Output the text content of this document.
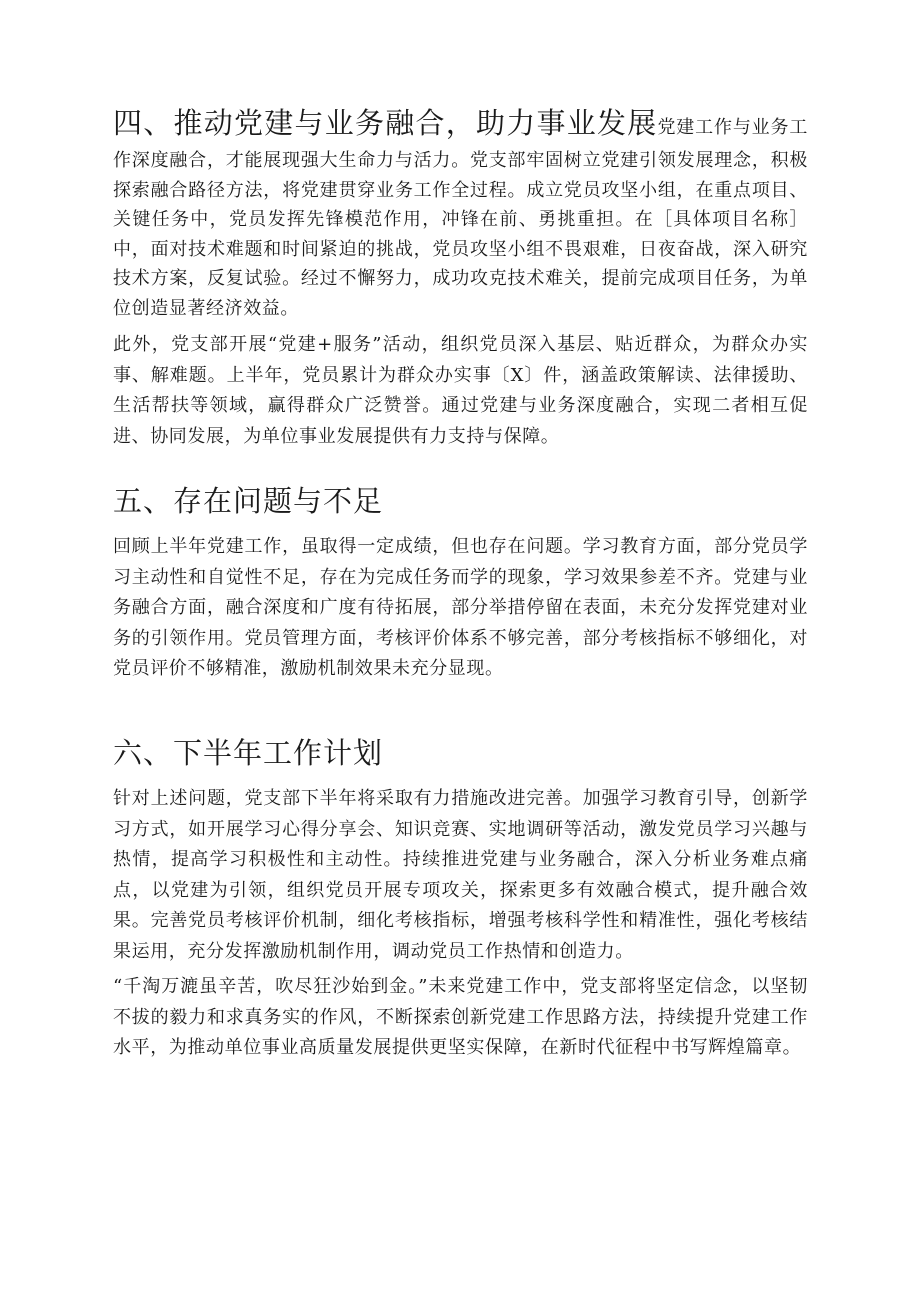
四、推动党建与业务融合，助力事业发展党建工作与业务工作深度融合，才能展现强大生命力与活力。党支部牢固树立党建引领发展理念，积极探索融合路径方法，将党建贯穿业务工作全过程。成立党员攻坚小组，在重点项目、关键任务中，党员发挥先锋模范作用，冲锋在前、勇挑重担。在［具体项目名称］中，面对技术难题和时间紧迫的挑战，党员攻坚小组不畏艰难，日夜奋战，深入研究技术方案，反复试验。经过不懈努力，成功攻克技术难关，提前完成项目任务，为单位创造显著经济效益。

此外，党支部开展“党建+服务”活动，组织党员深入基层、贴近群众，为群众办实事、解难题。上半年，党员累计为群众办实事〔X〕件，涵盖政策解读、法律援助、生活帮扶等领域，赢得群众广泛赞誉。通过党建与业务深度融合，实现二者相互促进、协同发展，为单位事业发展提供有力支持与保障。

五、存在问题与不足

回顾上半年党建工作，虽取得一定成绩，但也存在问题。学习教育方面，部分党员学习主动性和自觉性不足，存在为完成任务而学的现象，学习效果参差不齐。党建与业务融合方面，融合深度和广度有待拓展，部分举措停留在表面，未充分发挥党建对业务的引领作用。党员管理方面，考核评价体系不够完善，部分考核指标不够细化，对党员评价不够精准，激励机制效果未充分显现。

六、下半年工作计划

针对上述问题，党支部下半年将采取有力措施改进完善。加强学习教育引导，创新学习方式，如开展学习心得分享会、知识竞赛、实地调研等活动，激发党员学习兴趣与热情，提高学习积极性和主动性。持续推进党建与业务融合，深入分析业务难点痛点，以党建为引领，组织党员开展专项攻关，探索更多有效融合模式，提升融合效果。完善党员考核评价机制，细化考核指标，增强考核科学性和精准性，强化考核结果运用，充分发挥激励机制作用，调动党员工作热情和创造力。

“千淘万漉虽辛苦，吹尽狂沙始到金。”未来党建工作中，党支部将坚定信念，以坚韧不拔的毅力和求真务实的作风，不断探索创新党建工作思路方法，持续提升党建工作水平，为推动单位事业高质量发展提供更坚实保障，在新时代征程中书写辉煌篇章。
